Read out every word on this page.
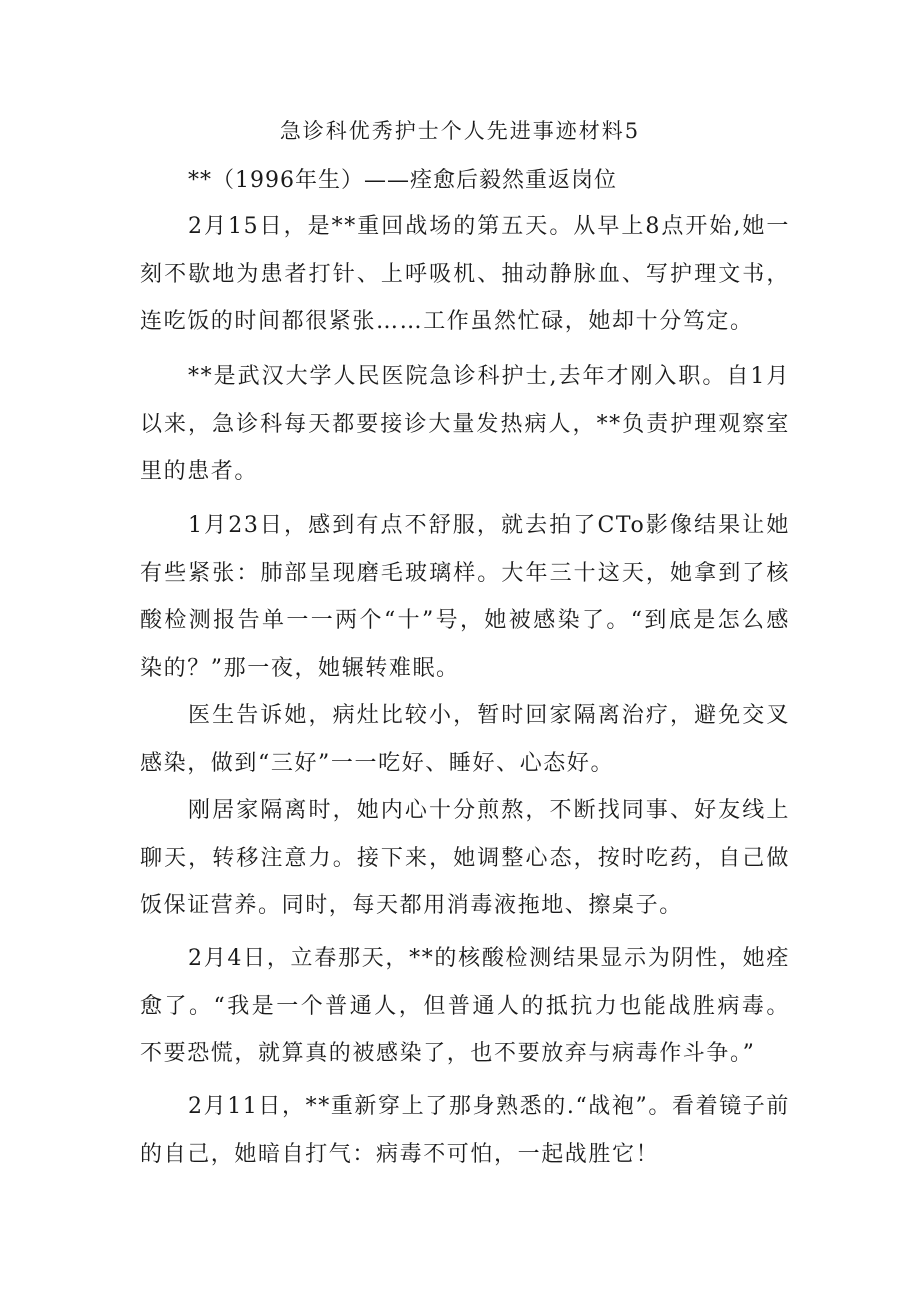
急诊科优秀护士个人先进事迹材料5
**（1996年生）——痊愈后毅然重返岗位

2月15日，是**重回战场的第五天。从早上8点开始,她一刻不歇地为患者打针、上呼吸机、抽动静脉血、写护理文书，连吃饭的时间都很紧张……工作虽然忙碌，她却十分笃定。

**是武汉大学人民医院急诊科护士,去年才刚入职。自1月以来，急诊科每天都要接诊大量发热病人，**负责护理观察室里的患者。

1月23日，感到有点不舒服，就去拍了CTo影像结果让她有些紧张：肺部呈现磨毛玻璃样。大年三十这天，她拿到了核酸检测报告单一一两个“十”号，她被感染了。“到底是怎么感染的？”那一夜，她辗转难眠。

医生告诉她，病灶比较小，暂时回家隔离治疗，避免交叉感染，做到“三好”一一吃好、睡好、心态好。

刚居家隔离时，她内心十分煎熬，不断找同事、好友线上聊天，转移注意力。接下来，她调整心态，按时吃药，自己做饭保证营养。同时，每天都用消毒液拖地、擦桌子。

2月4日，立春那天，**的核酸检测结果显示为阴性，她痊愈了。“我是一个普通人，但普通人的抵抗力也能战胜病毒。不要恐慌，就算真的被感染了，也不要放弃与病毒作斗争。”

2月11日，**重新穿上了那身熟悉的.“战袍”。看着镜子前的自己，她暗自打气：病毒不可怕，一起战胜它！
